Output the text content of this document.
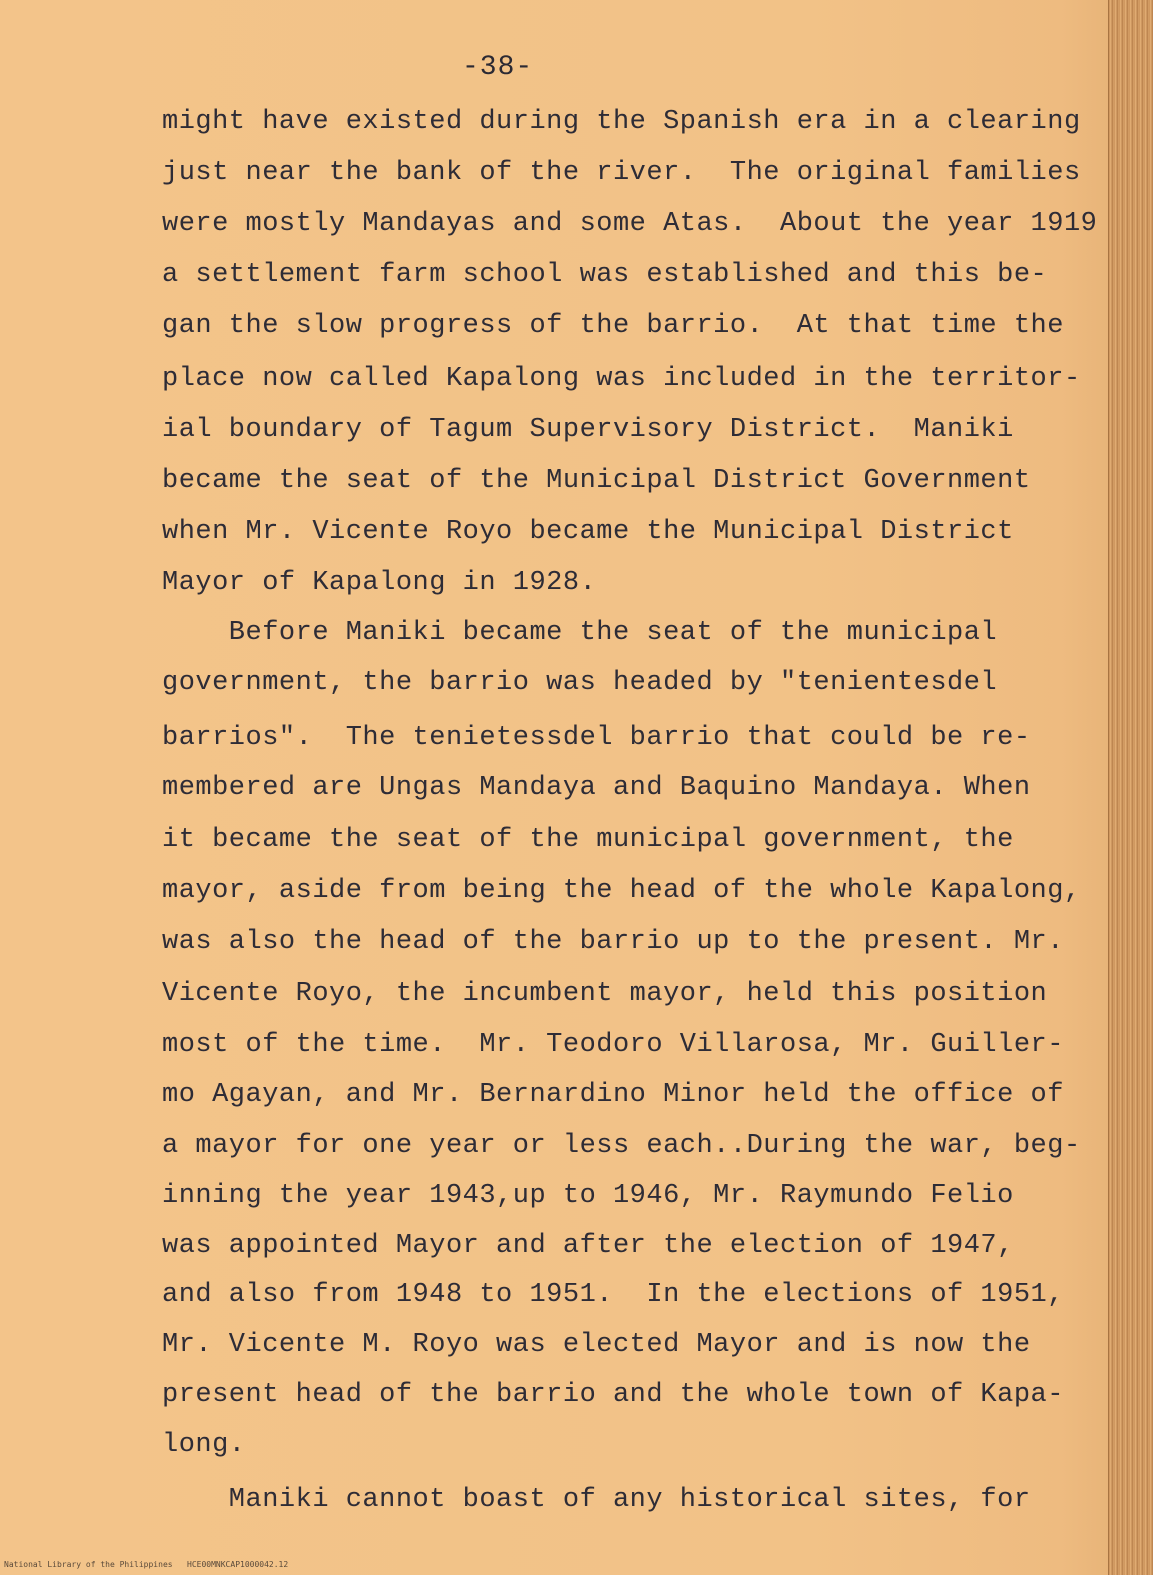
-38-
might have existed during the Spanish era in a clearing
just near the bank of the river.  The original families
were mostly Mandayas and some Atas.  About the year 1919
a settlement farm school was established and this be-
gan the slow progress of the barrio.  At that time the
place now called Kapalong was included in the territor-
ial boundary of Tagum Supervisory District.  Maniki
became the seat of the Municipal District Government
when Mr. Vicente Royo became the Municipal District
Mayor of Kapalong in 1928.
Before Maniki became the seat of the municipal
government, the barrio was headed by "tenientesdel
barrios".  The tenietessdel barrio that could be re-
membered are Ungas Mandaya and Baquino Mandaya. When
it became the seat of the municipal government, the
mayor, aside from being the head of the whole Kapalong,
was also the head of the barrio up to the present. Mr.
Vicente Royo, the incumbent mayor, held this position
most of the time.  Mr. Teodoro Villarosa, Mr. Guiller-
mo Agayan, and Mr. Bernardino Minor held the office of
a mayor for one year or less each..During the war, beg-
inning the year 1943,up to 1946, Mr. Raymundo Felio
was appointed Mayor and after the election of 1947,
and also from 1948 to 1951.  In the elections of 1951,
Mr. Vicente M. Royo was elected Mayor and is now the
present head of the barrio and the whole town of Kapa-
long.
Maniki cannot boast of any historical sites, for
National Library of the Philippines   HCE00MNKCAP1000042.12
